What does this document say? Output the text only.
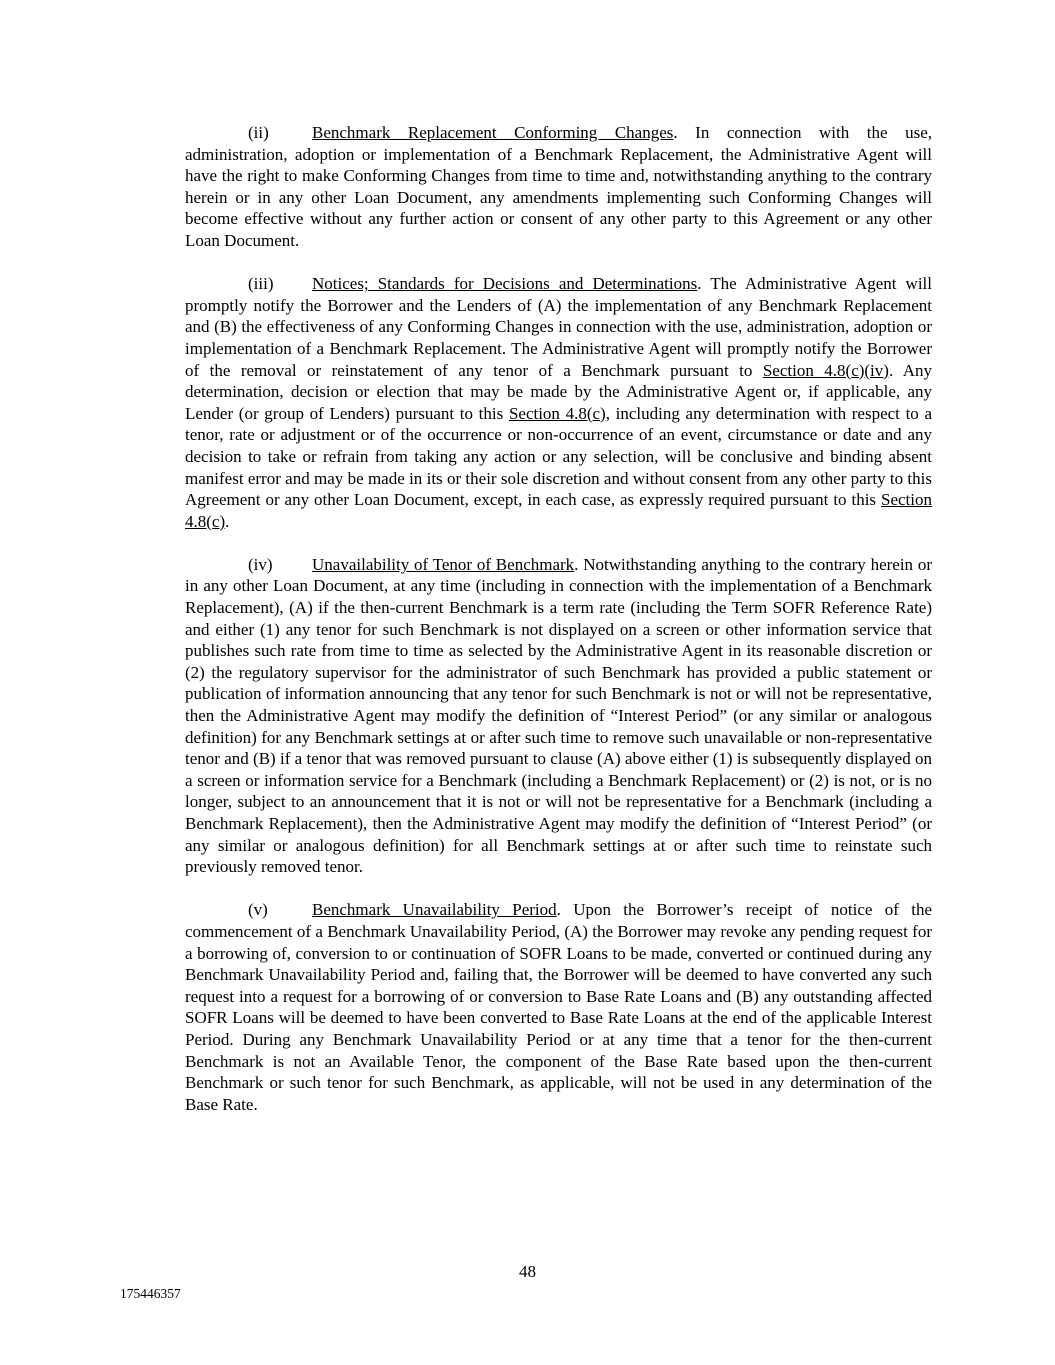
(ii)	Benchmark Replacement Conforming Changes. In connection with the use, administration, adoption or implementation of a Benchmark Replacement, the Administrative Agent will have the right to make Conforming Changes from time to time and, notwithstanding anything to the contrary herein or in any other Loan Document, any amendments implementing such Conforming Changes will become effective without any further action or consent of any other party to this Agreement or any other Loan Document.

(iii) Notices; Standards for Decisions and Determinations. The Administrative Agent will promptly notify the Borrower and the Lenders of (A) the implementation of any Benchmark Replacement and (B) the effectiveness of any Conforming Changes in connection with the use, administration, adoption or implementation of a Benchmark Replacement. The Administrative Agent will promptly notify the Borrower of the removal or reinstatement of any tenor of a Benchmark pursuant to Section 4.8(c)(iv). Any determination, decision or election that may be made by the Administrative Agent or, if applicable, any Lender (or group of Lenders) pursuant to this Section 4.8(c), including any determination with respect to a tenor, rate or adjustment or of the occurrence or non-occurrence of an event, circumstance or date and any decision to take or refrain from taking any action or any selection, will be conclusive and binding absent manifest error and may be made in its or their sole discretion and without consent from any other party to this Agreement or any other Loan Document, except, in each case, as expressly required pursuant to this Section 4.8(c).

(iv) Unavailability of Tenor of Benchmark. Notwithstanding anything to the contrary herein or in any other Loan Document, at any time (including in connection with the implementation of a Benchmark Replacement), (A) if the then-current Benchmark is a term rate (including the Term SOFR Reference Rate) and either (1) any tenor for such Benchmark is not displayed on a screen or other information service that publishes such rate from time to time as selected by the Administrative Agent in its reasonable discretion or (2) the regulatory supervisor for the administrator of such Benchmark has provided a public statement or publication of information announcing that any tenor for such Benchmark is not or will not be representative, then the Administrative Agent may modify the definition of “Interest Period” (or any similar or analogous definition) for any Benchmark settings at or after such time to remove such unavailable or non-representative tenor and (B) if a tenor that was removed pursuant to clause (A) above either (1) is subsequently displayed on a screen or information service for a Benchmark (including a Benchmark Replacement) or (2) is not, or is no longer, subject to an announcement that it is not or will not be representative for a Benchmark (including a Benchmark Replacement), then the Administrative Agent may modify the definition of “Interest Period” (or any similar or analogous definition) for all Benchmark settings at or after such time to reinstate such previously removed tenor.

(v)	Benchmark Unavailability Period. Upon the Borrower’s receipt of notice of the commencement of a Benchmark Unavailability Period, (A) the Borrower may revoke any pending request for a borrowing of, conversion to or continuation of SOFR Loans to be made, converted or continued during any Benchmark Unavailability Period and, failing that, the Borrower will be deemed to have converted any such request into a request for a borrowing of or conversion to Base Rate Loans and (B) any outstanding affected SOFR Loans will be deemed to have been converted to Base Rate Loans at the end of the applicable Interest Period. During any Benchmark Unavailability Period or at any time that a tenor for the then-current Benchmark is not an Available Tenor, the component of the Base Rate based upon the then-current Benchmark or such tenor for such Benchmark, as applicable, will not be used in any determination of the Base Rate.

48
175446357
